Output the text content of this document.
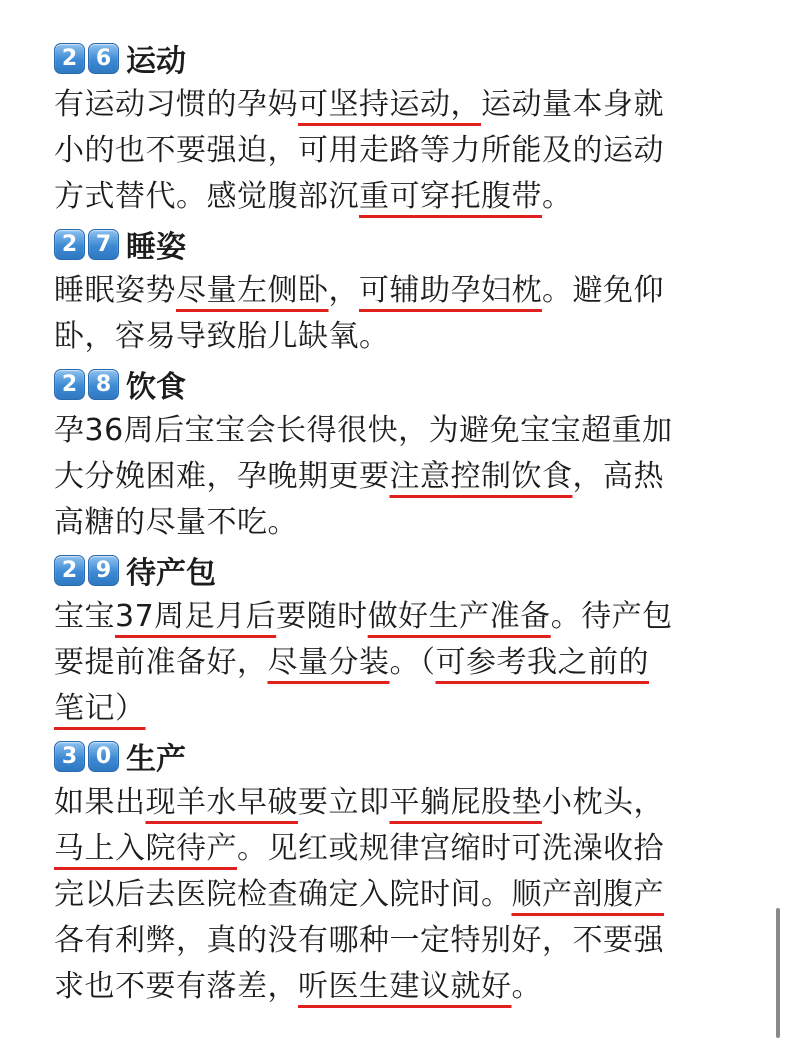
2 6 运动
有运动习惯的孕妈可坚持运动，运动量本身就
小的也不要强迫，可用走路等力所能及的运动
方式替代。感觉腹部沉重可穿托腹带。
2 7 睡姿
睡眠姿势尽量左侧卧，可辅助孕妇枕。避免仰
卧，容易导致胎儿缺氧。
2 8 饮食
孕36周后宝宝会长得很快，为避免宝宝超重加
大分娩困难，孕晚期更要注意控制饮食，高热
高糖的尽量不吃。
2 9 待产包
宝宝37周足月后要随时做好生产准备。待产包
要提前准备好，尽量分装。（可参考我之前的
笔记）
3 0 生产
如果出现羊水早破要立即平躺屁股垫小枕头，
马上入院待产。见红或规律宫缩时可洗澡收拾
完以后去医院检查确定入院时间。顺产剖腹产
各有利弊，真的没有哪种一定特别好，不要强
求也不要有落差，听医生建议就好。
